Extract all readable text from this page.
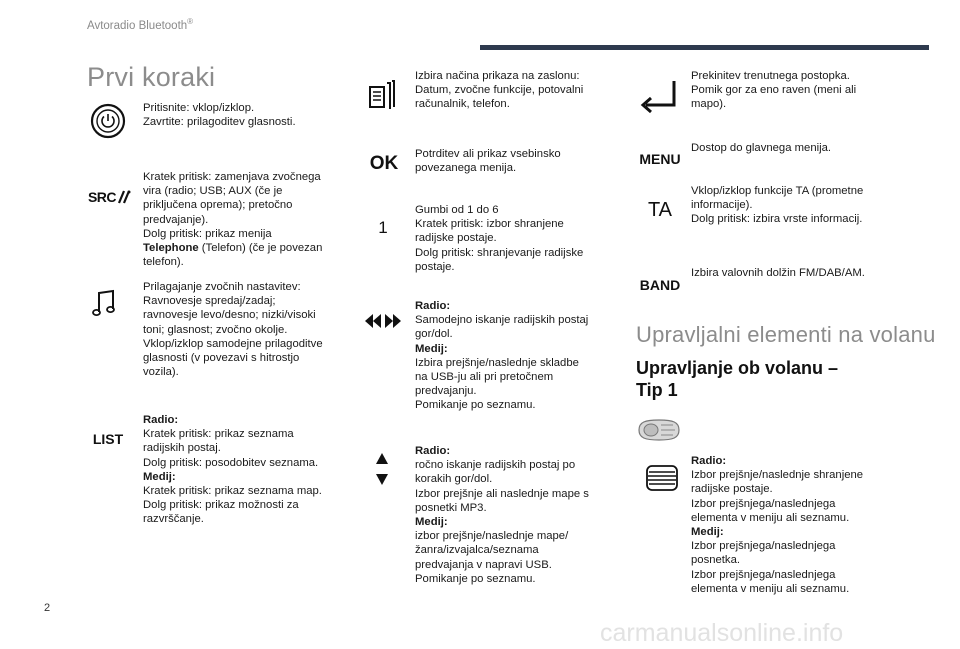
Avtoradio Bluetooth®
Prvi koraki
Pritisnite: vklop/izklop.
Zavrtite: prilagoditev glasnosti.
SRC
Kratek pritisk: zamenjava zvočnega
vira (radio; USB; AUX (če je
priključena oprema); pretočno
predvajanje).
Dolg pritisk: prikaz menija
Telephone (Telefon) (če je povezan
telefon).
Prilagajanje zvočnih nastavitev:
Ravnovesje spredaj/zadaj;
ravnovesje levo/desno; nizki/visoki
toni; glasnost; zvočno okolje.
Vklop/izklop samodejne prilagoditve
glasnosti (v povezavi s hitrostjo
vozila).
LIST
Radio:
Kratek pritisk: prikaz seznama
radijskih postaj.
Dolg pritisk: posodobitev seznama.
Medij:
Kratek pritisk: prikaz seznama map.
Dolg pritisk: prikaz možnosti za
razvrščanje.
Izbira načina prikaza na zaslonu:
Datum, zvočne funkcije, potovalni
računalnik, telefon.
OK Potrditev ali prikaz vsebinsko
povezanega menija.
1
Gumbi od 1 do 6
Kratek pritisk: izbor shranjene
radijske postaje.
Dolg pritisk: shranjevanje radijske
postaje.
Radio:
Samodejno iskanje radijskih postaj
gor/dol.
Medij:
Izbira prejšnje/naslednje skladbe
na USB-ju ali pri pretočnem
predvajanju.
Pomikanje po seznamu.
Radio:
ročno iskanje radijskih postaj po
korakih gor/dol.
Izbor prejšnje ali naslednje mape s
posnetki MP3.
Medij:
izbor prejšnje/naslednje mape/
žanra/izvajalca/seznama
predvajanja v napravi USB.
Pomikanje po seznamu.
Prekinitev trenutnega postopka.
Pomik gor za eno raven (meni ali
mapo).
MENU
Dostop do glavnega menija.
TA
Vklop/izklop funkcije TA (prometne
informacije).
Dolg pritisk: izbira vrste informacij.
BAND
Izbira valovnih dolžin FM/DAB/AM.
Upravljalni elementi na volanu
Upravljanje ob volanu –
Tip 1
Radio:
Izbor prejšnje/naslednje shranjene
radijske postaje.
Izbor prejšnjega/naslednjega
elementa v meniju ali seznamu.
Medij:
Izbor prejšnjega/naslednjega
posnetka.
Izbor prejšnjega/naslednjega
elementa v meniju ali seznamu.
2
carmanualsonline.info
